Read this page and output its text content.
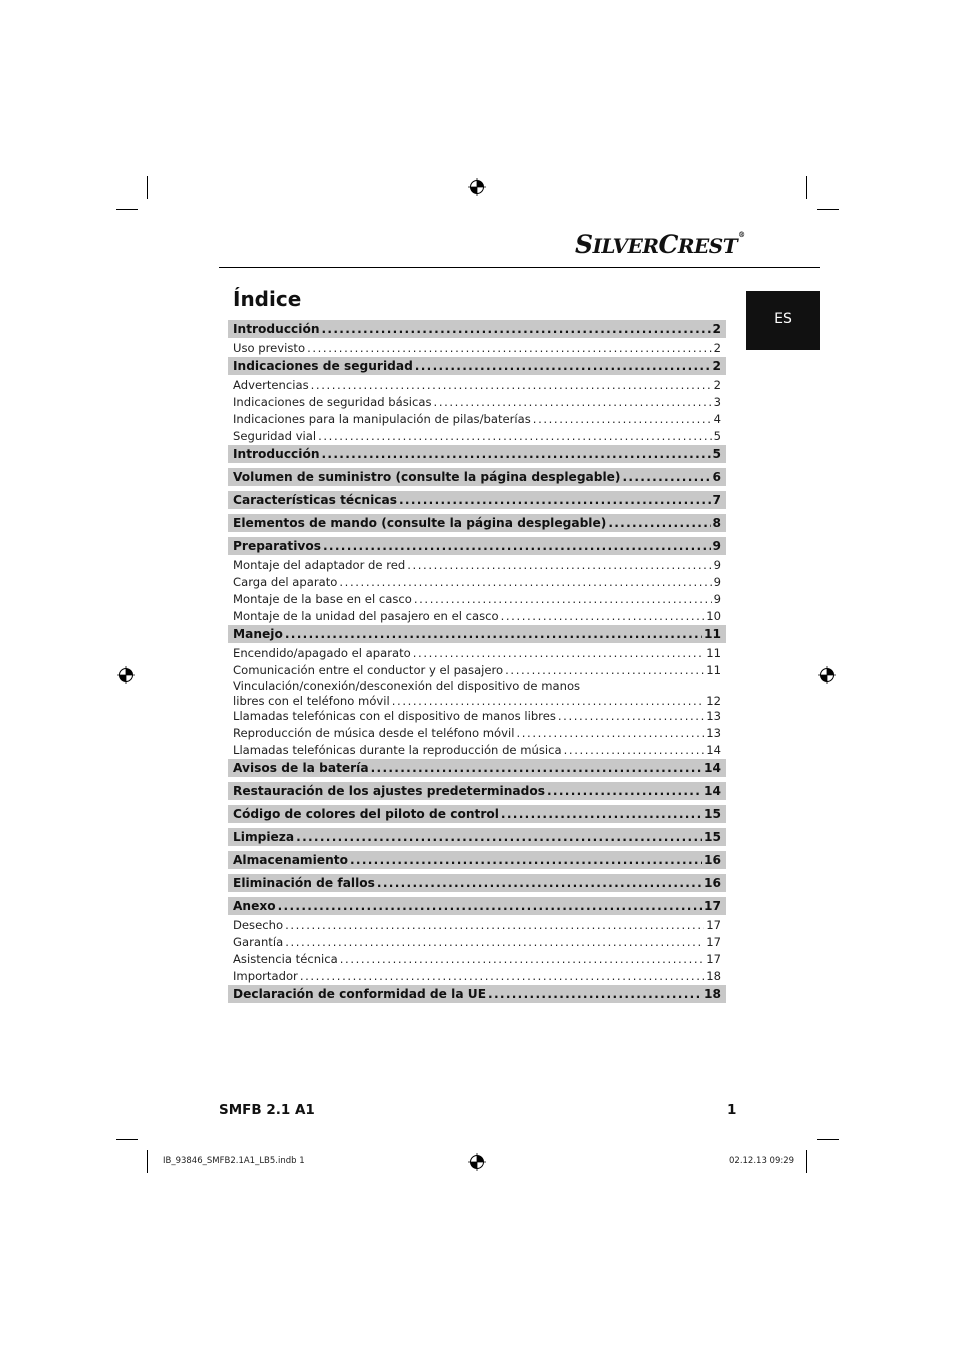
SILVERCREST®
ES
Índice
Introducción .....	2
Uso previsto .....	2
Indicaciones de seguridad .....	2
Advertencias .....	2
Indicaciones de seguridad básicas .....	3
Indicaciones para la manipulación de pilas/baterías .....	4
Seguridad vial .....	5
Introducción .....	5
Volumen de suministro (consulte la página desplegable) .....	6
Características técnicas .....	7
Elementos de mando (consulte la página desplegable) .....	8
Preparativos .....	9
Montaje del adaptador de red .....	9
Carga del aparato .....	9
Montaje de la base en el casco .....	9
Montaje de la unidad del pasajero en el casco .....	10
Manejo .....	11
Encendido/apagado el aparato .....	11
Comunicación entre el conductor y el pasajero .....	11
Vinculación/conexión/desconexión del dispositivo de manos
libres con el teléfono móvil .....	12
Llamadas telefónicas con el dispositivo de manos libres .....	13
Reproducción de música desde el teléfono móvil .....	13
Llamadas telefónicas durante la reproducción de música .....	14
Avisos de la batería .....	14
Restauración de los ajustes predeterminados .....	14
Código de colores del piloto de control .....	15
Limpieza .....	15
Almacenamiento .....	16
Eliminación de fallos .....	16
Anexo .....	17
Desecho .....	17
Garantía .....	17
Asistencia técnica .....	17
Importador .....	18
Declaración de conformidad de la UE .....	18
SMFB 2.1 A1	1
IB_93846_SMFB2.1A1_LB5.indb 1	02.12.13 09:29
